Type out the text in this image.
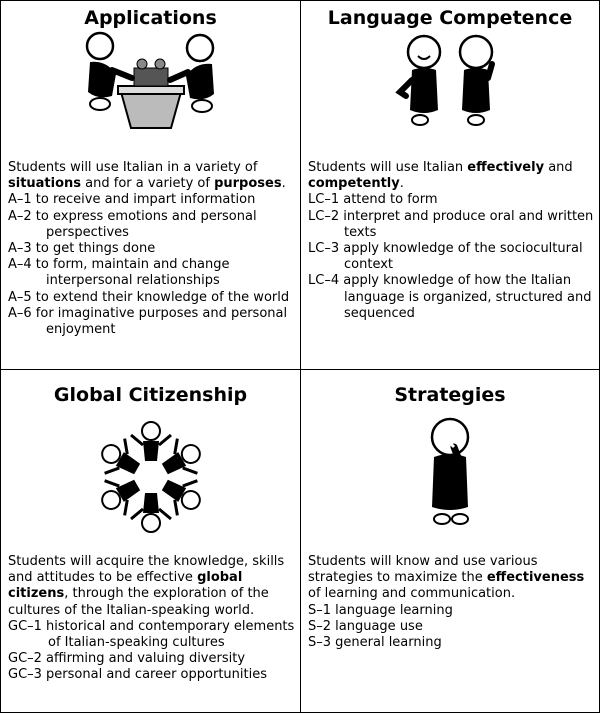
Applications

Students will use Italian in a variety of situations and for a variety of purposes.

A–1 to receive and impart information

A–2 to express emotions and personal perspectives

A–3 to get things done

A–4 to form, maintain and change interpersonal relationships

A–5 to extend their knowledge of the world

A–6 for imaginative purposes and personal enjoyment

Language Competence

Students will use Italian effectively and competently.

LC–1 attend to form

LC–2 interpret and produce oral and written texts

LC–3 apply knowledge of the sociocultural context

LC–4 apply knowledge of how the Italian language is organized, structured and sequenced

Global Citizenship

Students will acquire the knowledge, skills and attitudes to be effective global citizens, through the exploration of the cultures of the Italian-speaking world.

GC–1 historical and contemporary elements of Italian-speaking cultures

GC–2 affirming and valuing diversity

GC–3 personal and career opportunities

Strategies

Students will know and use various strategies to maximize the effectiveness of learning and communication.

S–1 language learning

S–2 language use

S–3 general learning
